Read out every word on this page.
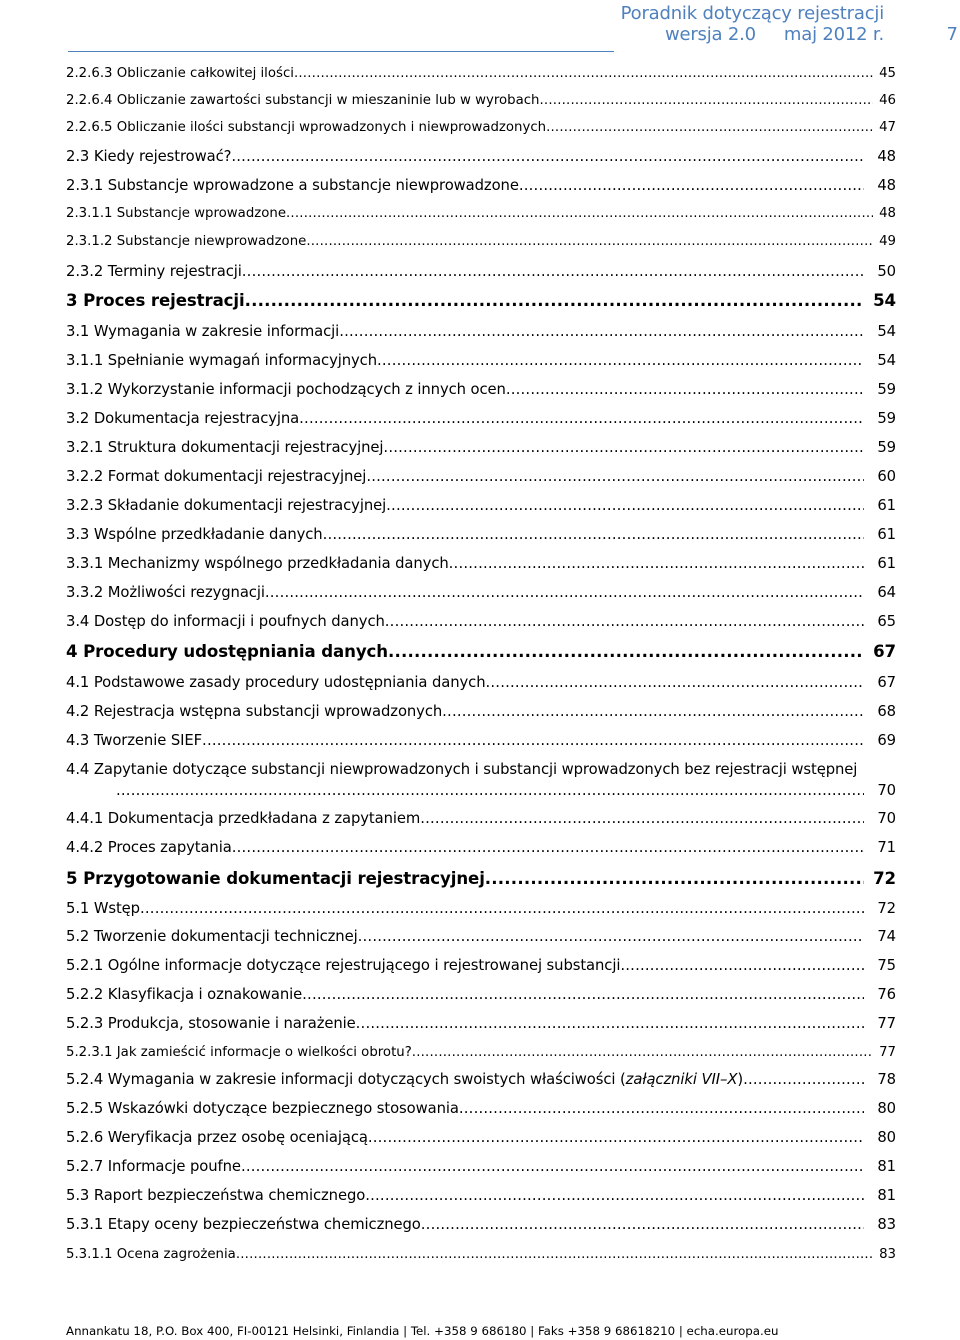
Poradnik dotyczący rejestracji
wersja 2.0 maj 2012 r.	7
2.2.6.3 Obliczanie całkowitej ilości .....	45
2.2.6.4 Obliczanie zawartości substancji w mieszaninie lub w wyrobach .....	46
2.2.6.5 Obliczanie ilości substancji wprowadzonych i niewprowadzonych .....	47
2.3 Kiedy rejestrować? .....	48
2.3.1 Substancje wprowadzone a substancje niewprowadzone .....	48
2.3.1.1 Substancje wprowadzone .....	48
2.3.1.2 Substancje niewprowadzone .....	49
2.3.2 Terminy rejestracji .....	50
3 Proces rejestracji .....	54
3.1 Wymagania w zakresie informacji .....	54
3.1.1 Spełnianie wymagań informacyjnych .....	54
3.1.2 Wykorzystanie informacji pochodzących z innych ocen .....	59
3.2 Dokumentacja rejestracyjna .....	59
3.2.1 Struktura dokumentacji rejestracyjnej .....	59
3.2.2 Format dokumentacji rejestracyjnej .....	60
3.2.3 Składanie dokumentacji rejestracyjnej .....	61
3.3 Wspólne przedkładanie danych .....	61
3.3.1 Mechanizmy wspólnego przedkładania danych .....	61
3.3.2 Możliwości rezygnacji .....	64
3.4 Dostęp do informacji i poufnych danych .....	65
4 Procedury udostępniania danych .....	67
4.1 Podstawowe zasady procedury udostępniania danych .....	67
4.2 Rejestracja wstępna substancji wprowadzonych .....	68
4.3 Tworzenie SIEF .....	69
4.4 Zapytanie dotyczące substancji niewprowadzonych i substancji wprowadzonych bez rejestracji wstępnej
.....
70
4.4.1 Dokumentacja przedkładana z zapytaniem .....	70
4.4.2 Proces zapytania .....	71
5 Przygotowanie dokumentacji rejestracyjnej .....	72
5.1 Wstęp .....	72
5.2 Tworzenie dokumentacji technicznej .....	74
5.2.1 Ogólne informacje dotyczące rejestrującego i rejestrowanej substancji .....	75
5.2.2 Klasyfikacja i oznakowanie .....	76
5.2.3 Produkcja, stosowanie i narażenie .....	77
5.2.3.1 Jak zamieścić informacje o wielkości obrotu? .....	77
5.2.4 Wymagania w zakresie informacji dotyczących swoistych właściwości (załączniki VII–X) .....	78
5.2.5 Wskazówki dotyczące bezpiecznego stosowania .....	80
5.2.6 Weryfikacja przez osobę oceniającą .....	80
5.2.7 Informacje poufne .....	81
5.3 Raport bezpieczeństwa chemicznego .....	81
5.3.1 Etapy oceny bezpieczeństwa chemicznego .....	83
5.3.1.1 Ocena zagrożenia .....	83
Annankatu 18, P.O. Box 400, FI-00121 Helsinki, Finlandia | Tel. +358 9 686180 | Faks +358 9 68618210 | echa.europa.eu
